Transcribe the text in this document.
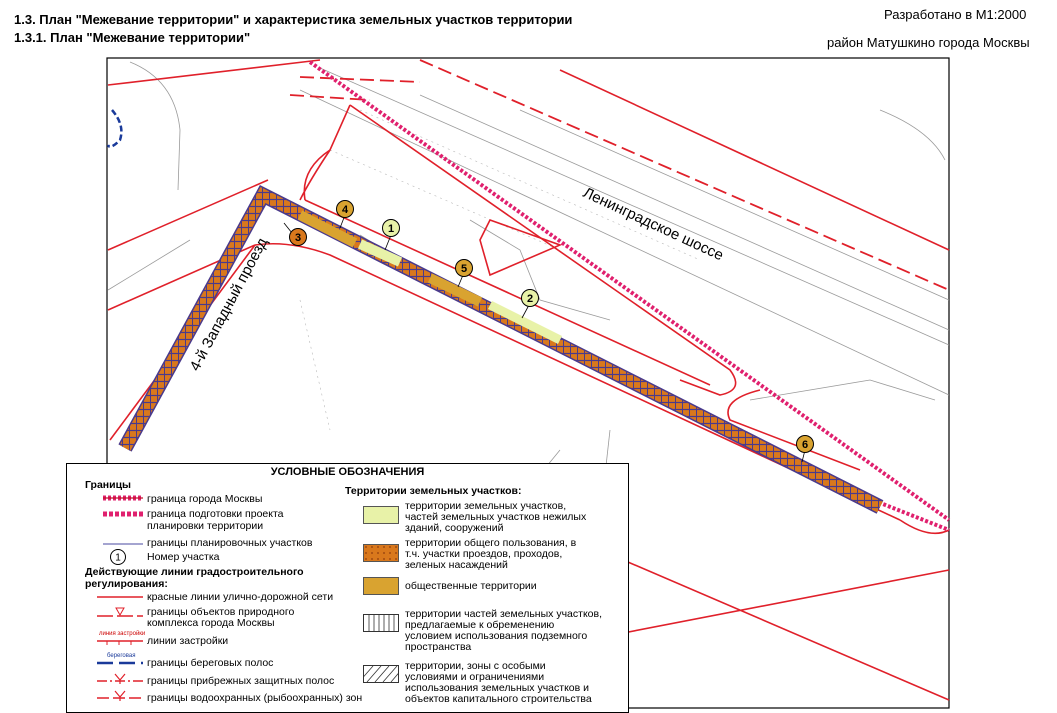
1.3. План "Межевание территории" и характеристика земельных участков территории
1.3.1. План "Межевание территории"
Разработано в М1:2000
район Матушкино города Москвы
3
4
1
5
2
6
Ленинградское шоссе
4-й Западный проезд
УСЛОВНЫЕ ОБОЗНАЧЕНИЯ
Границы
граница города Москвы
граница подготовки проекта
планировки территории
границы планировочных участков
1 Номер участка
Действующие линии градостроительного
регулирования:
красные линии улично-дорожной сети
границы объектов природного
комплекса города Москвы
линия застройки
линии застройки
береговая
границы береговых полос
границы прибрежных защитных полос
границы водоохранных (рыбоохранных) зон
Территории земельных участков:
территории земельных участков,
частей земельных участков нежилых
зданий, сооружений
территории общего пользования, в
т.ч. участки проездов, проходов,
зеленых насаждений
общественные территории
территории частей земельных участков,
предлагаемые к обременению
условием использования подземного
пространства
территории, зоны с особыми
условиями и ограничениями
использования земельных участков и
объектов капитального строительства
